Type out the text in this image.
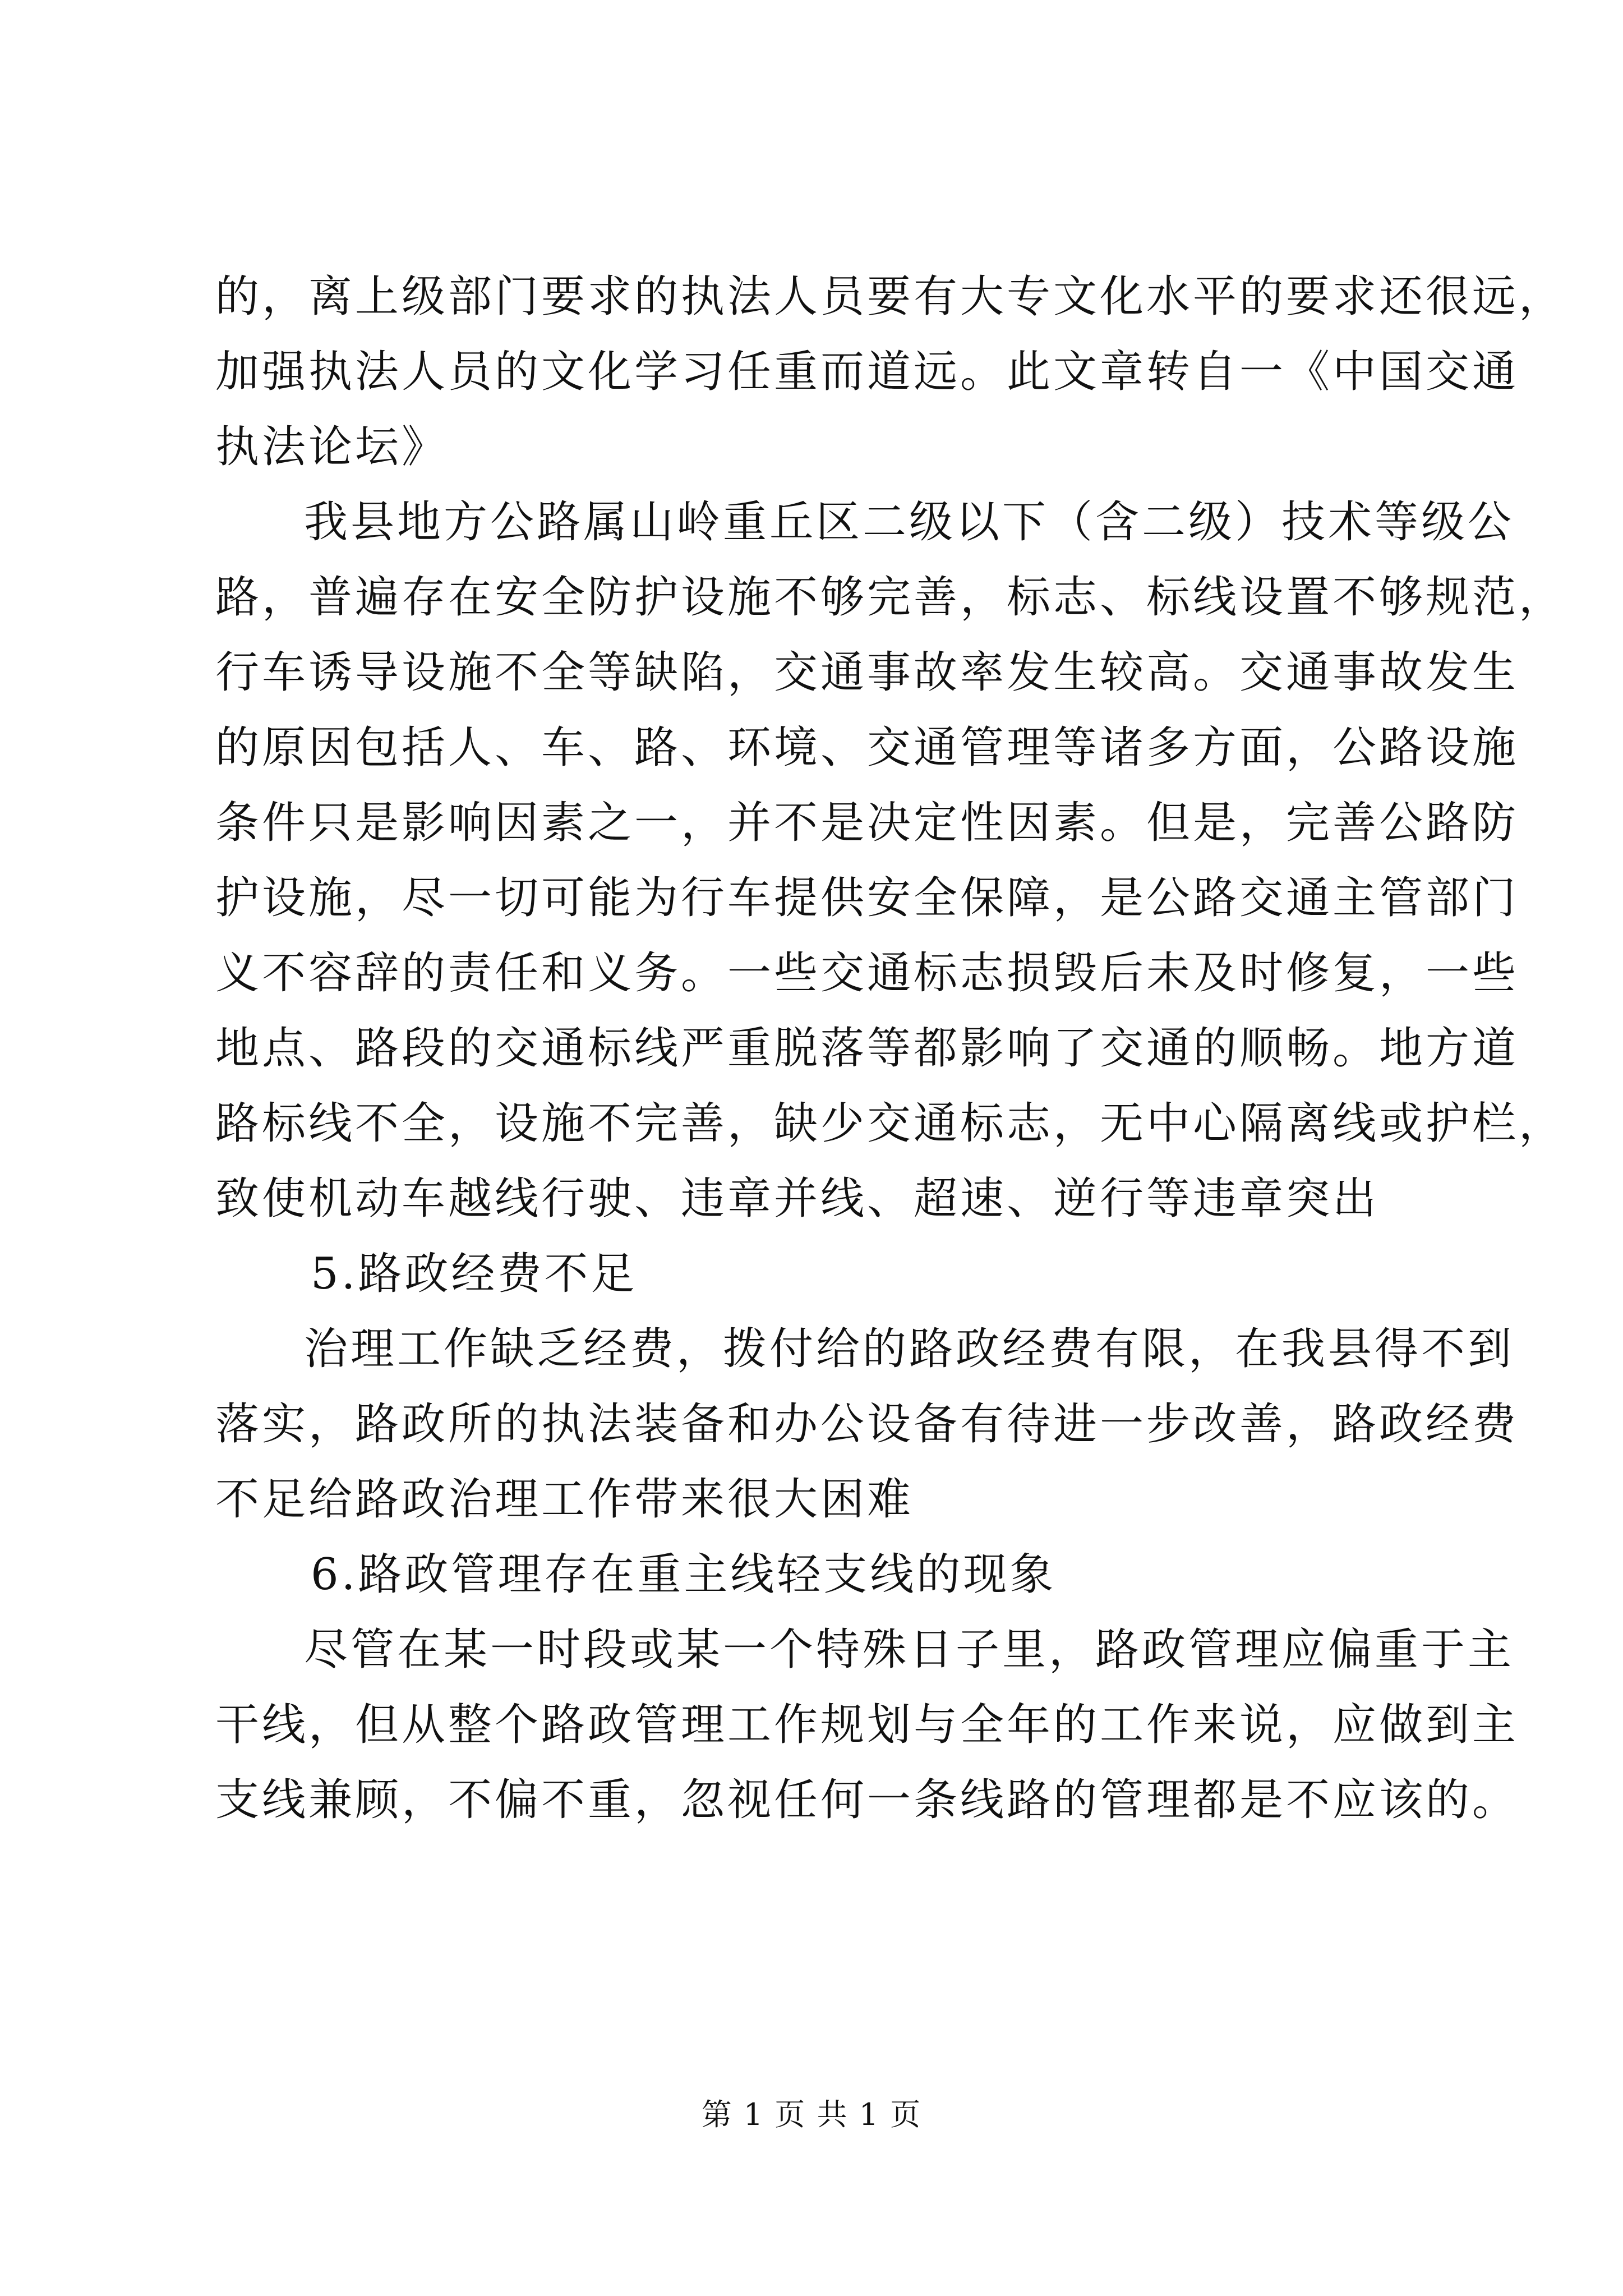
的，离上级部门要求的执法人员要有大专文化水平的要求还很远，
加强执法人员的文化学习任重而道远。此文章转自一《中国交通
执法论坛》
我县地方公路属山岭重丘区二级以下（含二级）技术等级公
路，普遍存在安全防护设施不够完善，标志、标线设置不够规范，
行车诱导设施不全等缺陷，交通事故率发生较高。交通事故发生
的原因包括人、车、路、环境、交通管理等诸多方面，公路设施
条件只是影响因素之一，并不是决定性因素。但是，完善公路防
护设施，尽一切可能为行车提供安全保障，是公路交通主管部门
义不容辞的责任和义务。一些交通标志损毁后未及时修复，一些
地点、路段的交通标线严重脱落等都影响了交通的顺畅。地方道
路标线不全，设施不完善，缺少交通标志，无中心隔离线或护栏，
致使机动车越线行驶、违章并线、超速、逆行等违章突出
5.路政经费不足
治理工作缺乏经费，拨付给的路政经费有限，在我县得不到
落实，路政所的执法装备和办公设备有待进一步改善，路政经费
不足给路政治理工作带来很大困难
6.路政管理存在重主线轻支线的现象
尽管在某一时段或某一个特殊日子里，路政管理应偏重于主
干线，但从整个路政管理工作规划与全年的工作来说，应做到主
支线兼顾，不偏不重，忽视任何一条线路的管理都是不应该的。
第 1 页 共 1 页
